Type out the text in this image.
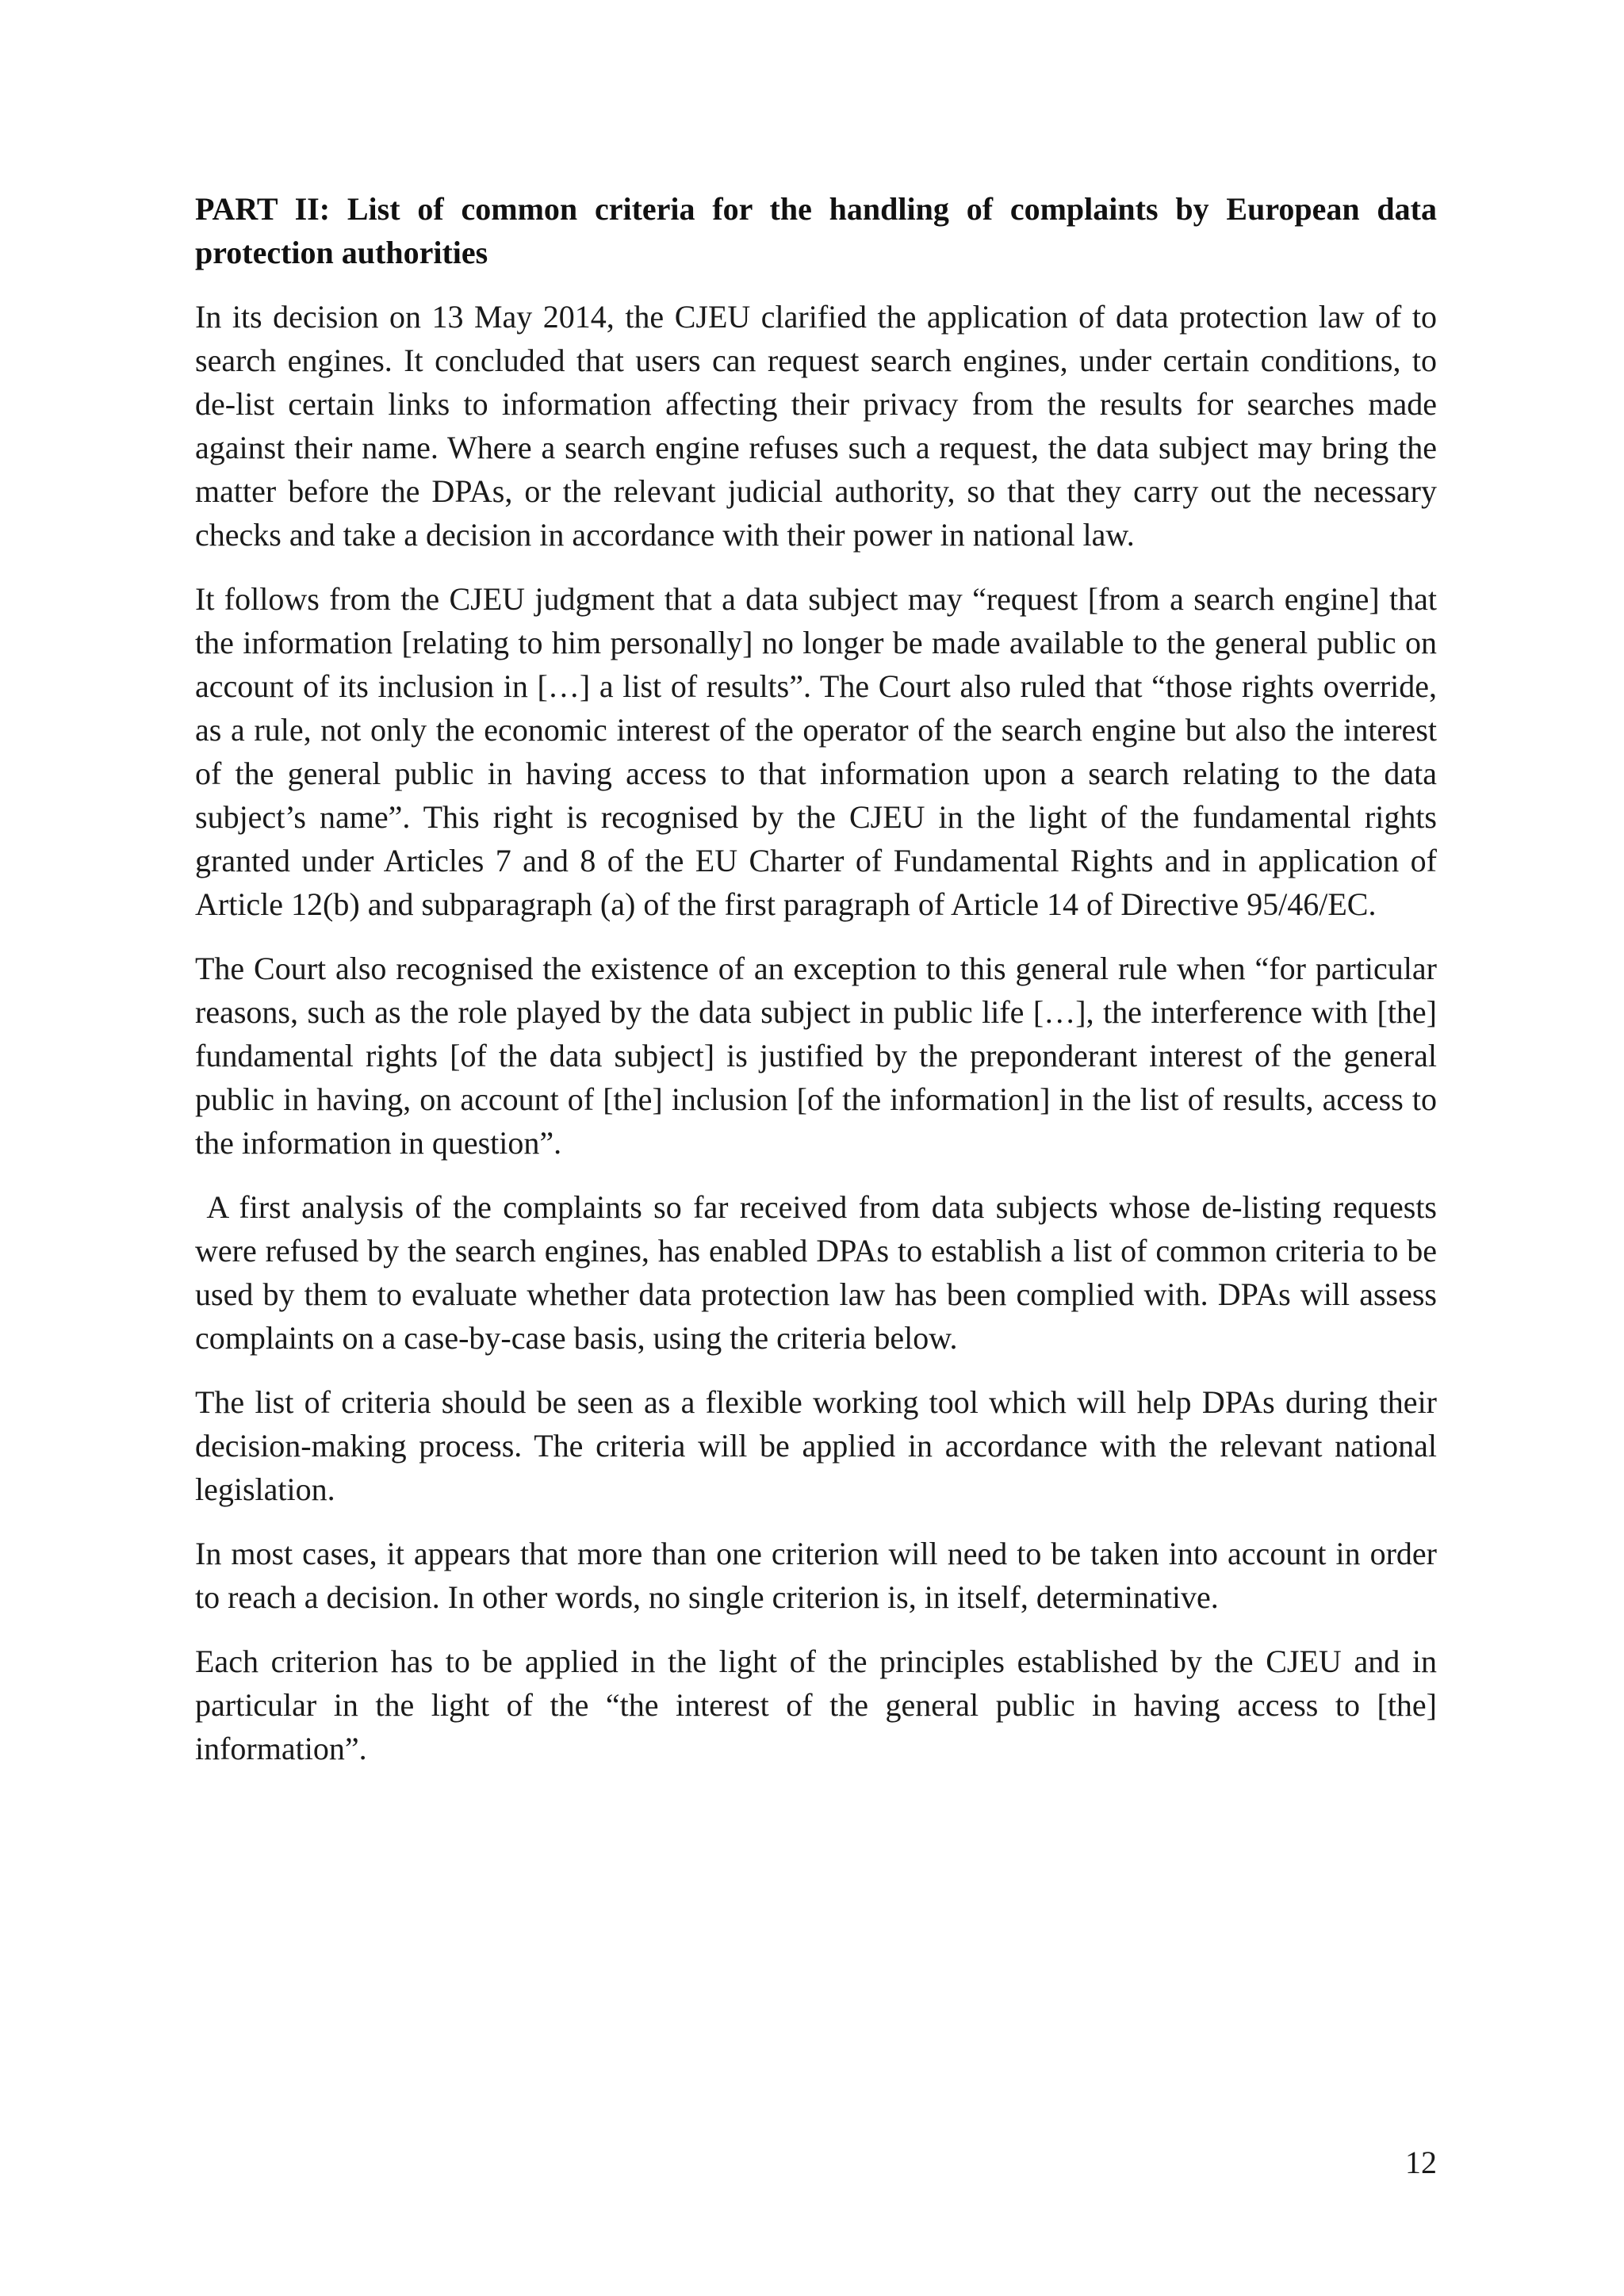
PART II: List of common criteria for the handling of complaints by European data protection authorities

In its decision on 13 May 2014, the CJEU clarified the application of data protection law of to search engines. It concluded that users can request search engines, under certain conditions, to de-list certain links to information affecting their privacy from the results for searches made against their name. Where a search engine refuses such a request, the data subject may bring the matter before the DPAs, or the relevant judicial authority, so that they carry out the necessary checks and take a decision in accordance with their power in national law.

It follows from the CJEU judgment that a data subject may “request [from a search engine] that the information [relating to him personally] no longer be made available to the general public on account of its inclusion in […] a list of results”. The Court also ruled that “those rights override, as a rule, not only the economic interest of the operator of the search engine but also the interest of the general public in having access to that information upon a search relating to the data subject’s name”. This right is recognised by the CJEU in the light of the fundamental rights granted under Articles 7 and 8 of the EU Charter of Fundamental Rights and in application of Article 12(b) and subparagraph (a) of the first paragraph of Article 14 of Directive 95/46/EC.

The Court also recognised the existence of an exception to this general rule when “for particular reasons, such as the role played by the data subject in public life […], the interference with [the] fundamental rights [of the data subject] is justified by the preponderant interest of the general public in having, on account of [the] inclusion [of the information] in the list of results, access to the information in question”.

A first analysis of the complaints so far received from data subjects whose de-listing requests were refused by the search engines, has enabled DPAs to establish a list of common criteria to be used by them to evaluate whether data protection law has been complied with. DPAs will assess complaints on a case-by-case basis, using the criteria below.

The list of criteria should be seen as a flexible working tool which will help DPAs during their decision-making process. The criteria will be applied in accordance with the relevant national legislation.

In most cases, it appears that more than one criterion will need to be taken into account in order to reach a decision. In other words, no single criterion is, in itself, determinative.

Each criterion has to be applied in the light of the principles established by the CJEU and in particular in the light of the “the interest of the general public in having access to [the] information”.

12
